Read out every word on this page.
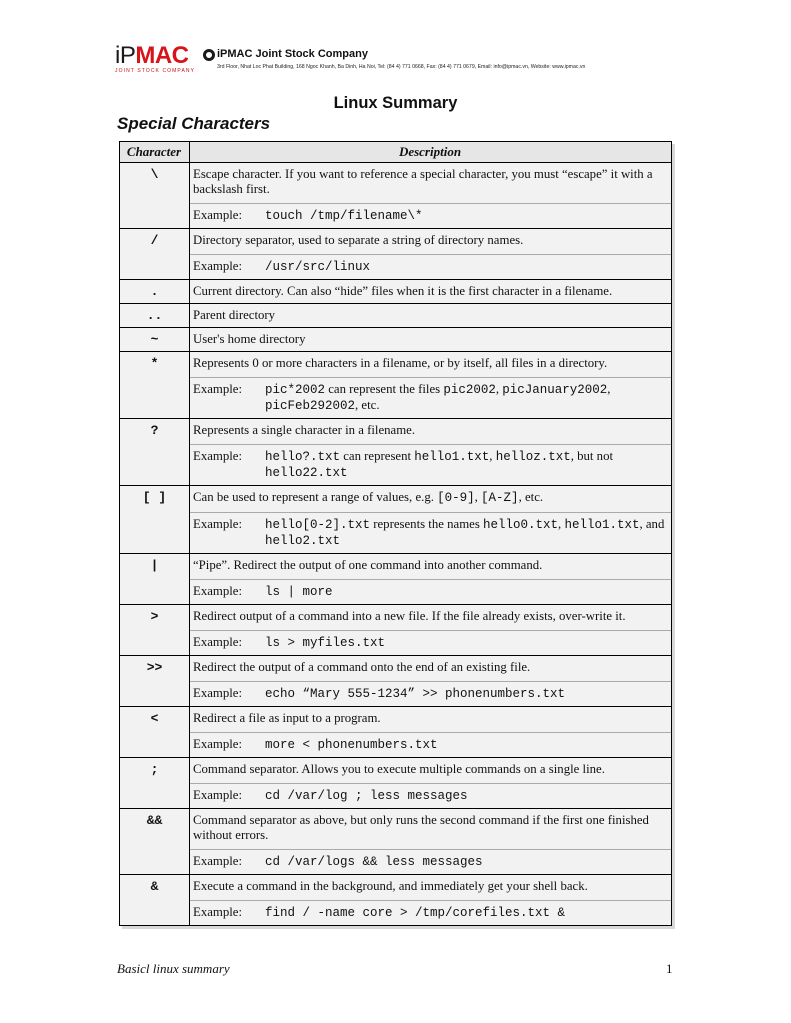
iPMAC
JOINT STOCK COMPANY
iPMAC Joint Stock Company
3rd Floor, Nhat Loc Phat Building, 168 Ngoc Khanh, Ba Dinh, Ha Noi, Tel: (84 4) 771 0668, Fax: (84 4) 771 0679, Email: info@ipmac.vn, Website: www.ipmac.vn
Linux Summary
Special Characters
Character	Description
\	Escape character. If you want to reference a special character, you must “escape” it with a backslash first.
Example:	touch /tmp/filename\*
/	Directory separator, used to separate a string of directory names.
Example:	/usr/src/linux
.	Current directory. Can also “hide” files when it is the first character in a filename.
..	Parent directory
~	User's home directory
*	Represents 0 or more characters in a filename, or by itself, all files in a directory.
Example:	pic*2002 can represent the files pic2002, picJanuary2002, picFeb292002, etc.
?	Represents a single character in a filename.
Example:	hello?.txt can represent hello1.txt, helloz.txt, but not hello22.txt
[ ]	Can be used to represent a range of values, e.g. [0-9], [A-Z], etc.
Example:	hello[0-2].txt represents the names hello0.txt, hello1.txt, and hello2.txt
|	“Pipe”. Redirect the output of one command into another command.
Example:	ls | more
>	Redirect output of a command into a new file. If the file already exists, over-write it.
Example:	ls > myfiles.txt
>>	Redirect the output of a command onto the end of an existing file.
Example:	echo “Mary 555-1234” >> phonenumbers.txt
<	Redirect a file as input to a program.
Example:	more < phonenumbers.txt
;	Command separator. Allows you to execute multiple commands on a single line.
Example:	cd /var/log ; less messages
&&	Command separator as above, but only runs the second command if the first one finished without errors.
Example:	cd /var/logs && less messages
&	Execute a command in the background, and immediately get your shell back.
Example:	find / -name core > /tmp/corefiles.txt &
Basicl linux summary	1
